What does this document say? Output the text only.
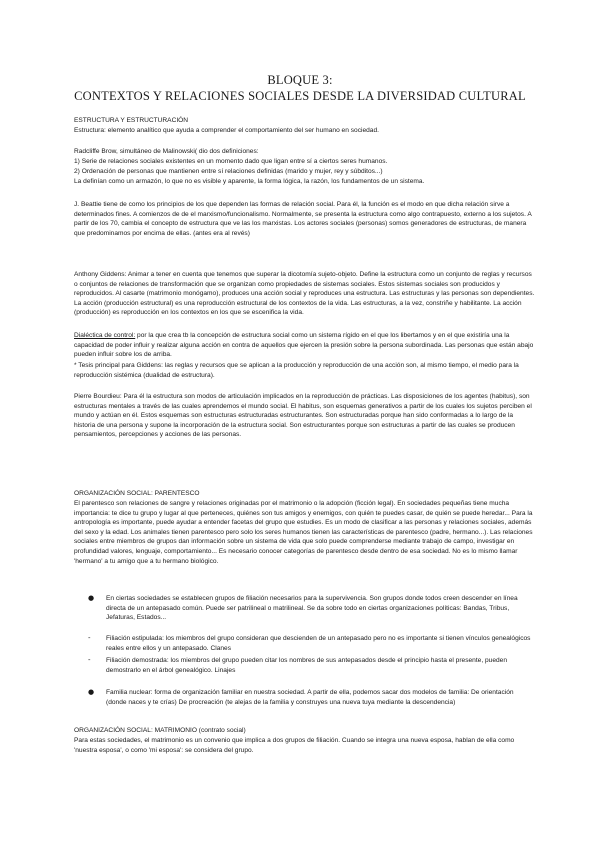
BLOQUE 3:

CONTEXTOS Y RELACIONES SOCIALES DESDE LA DIVERSIDAD CULTURAL

ESTRUCTURA Y ESTRUCTURACIÓN

Estructura: elemento analítico que ayuda a comprender el comportamiento del ser humano en sociedad.

Radcliffe Brow, simultáneo de Malinowski( dio dos definiciones:

1) Serie de relaciones sociales existentes en un momento dado que ligan entre sí a ciertos seres humanos.

2) Ordenación de personas que mantienen entre sí relaciones definidas (marido y mujer, rey y súbditos...)

La definían como un armazón, lo que no es visible y aparente, la forma lógica, la razón, los fundamentos de un sistema.

J. Beattie tiene de como los principios de los que dependen las formas de relación social. Para él, la función es el modo en que dicha relación sirve a determinados fines. A comienzos de de el marxismo/funcionalismo. Normalmente, se presenta la estructura como algo contrapuesto, externo a los sujetos. A partir de los 70, cambia el concepto de estructura que ve las los marxistas. Los actores sociales (personas) somos generadores de estructuras, de manera que predominamos por encima de ellas. (antes era al revés)

Anthony Giddens: Animar a tener en cuenta que tenemos que superar la dicotomía sujeto-objeto. Define la estructura como un conjunto de reglas y recursos o conjuntos de relaciones de transformación que se organizan como propiedades de sistemas sociales. Estos sistemas sociales son producidos y reproducidos. Al casarte (matrimonio monógamo), produces una acción social y reproduces una estructura. Las estructuras y las personas son dependientes. La acción (producción estructural) es una reproducción estructural de los contextos de la vida. Las estructuras, a la vez, constriñe y habilitante. La acción (producción) es reproducción en los contextos en los que se escenifica la vida.

Dialéctica de control: por la que crea tb la concepción de estructura social como un sistema rígido en el que los libertamos y en el que existiría una la capacidad de poder influir y realizar alguna acción en contra de aquellos que ejercen la presión sobre la persona subordinada. Las personas que están abajo pueden influir sobre los de arriba.

* Tesis principal para Giddens: las reglas y recursos que se aplican a la producción y reproducción de una acción son, al mismo tiempo, el medio para la reproducción sistémica (dualidad de estructura).

Pierre Bourdieu: Para él la estructura son modos de articulación implicados en la reproducción de prácticas. Las disposiciones de los agentes (habitus), son estructuras mentales a través de las cuales aprendemos el mundo social. El habitus, son esquemas generativos a partir de los cuales los sujetos perciben el mundo y actúan en él. Estos esquemas son estructuras estructuradas estructurantes. Son estructuradas porque han sido conformadas a lo largo de la historia de una persona y supone la incorporación de la estructura social. Son estructurantes porque son estructuras a partir de las cuales se producen pensamientos, percepciones y acciones de las personas.

ORGANIZACIÓN SOCIAL: PARENTESCO

El parentesco son relaciones de sangre y relaciones originadas por el matrimonio o la adopción (ficción legal). En sociedades pequeñas tiene mucha importancia: te dice tu grupo y lugar al que perteneces, quiénes son tus amigos y enemigos, con quién te puedes casar, de quién se puede heredar... Para la antropología es importante, puede ayudar a entender facetas del grupo que estudies. Es un modo de clasificar a las personas y relaciones sociales, además del sexo y la edad. Los animales tienen parentesco pero solo los seres humanos tienen las características de parentesco (padre, hermano...). Las relaciones sociales entre miembros de grupos dan información sobre un sistema de vida que solo puede comprenderse mediante trabajo de campo, investigar en profundidad valores, lenguaje, comportamiento... Es necesario conocer categorías de parentesco desde dentro de esa sociedad. No es lo mismo llamar 'hermano' a tu amigo que a tu hermano biológico.

● En ciertas sociedades se establecen grupos de filiación necesarios para la supervivencia. Son grupos donde todos creen descender en línea directa de un antepasado común. Puede ser patrilineal o matrilineal. Se da sobre todo en ciertas organizaciones políticas: Bandas, Tribus, Jefaturas, Estados...

- Filiación estipulada: los miembros del grupo consideran que descienden de un antepasado pero no es importante si tienen vínculos genealógicos reales entre ellos y un antepasado. Clanes

- Filiación demostrada: los miembros del grupo pueden citar los nombres de sus antepasados desde el principio hasta el presente, pueden demostrarlo en el árbol genealógico. Linajes

● Familia nuclear: forma de organización familiar en nuestra sociedad. A partir de ella, podemos sacar dos modelos de familia: De orientación (donde naces y te crías) De procreación (te alejas de la familia y construyes una nueva tuya mediante la descendencia)

ORGANIZACIÓN SOCIAL: MATRIMONIO (contrato social)

Para estas sociedades, el matrimonio es un convenio que implica a dos grupos de filiación. Cuando se integra una nueva esposa, hablan de ella como 'nuestra esposa', o como 'mi esposa': se considera del grupo.
